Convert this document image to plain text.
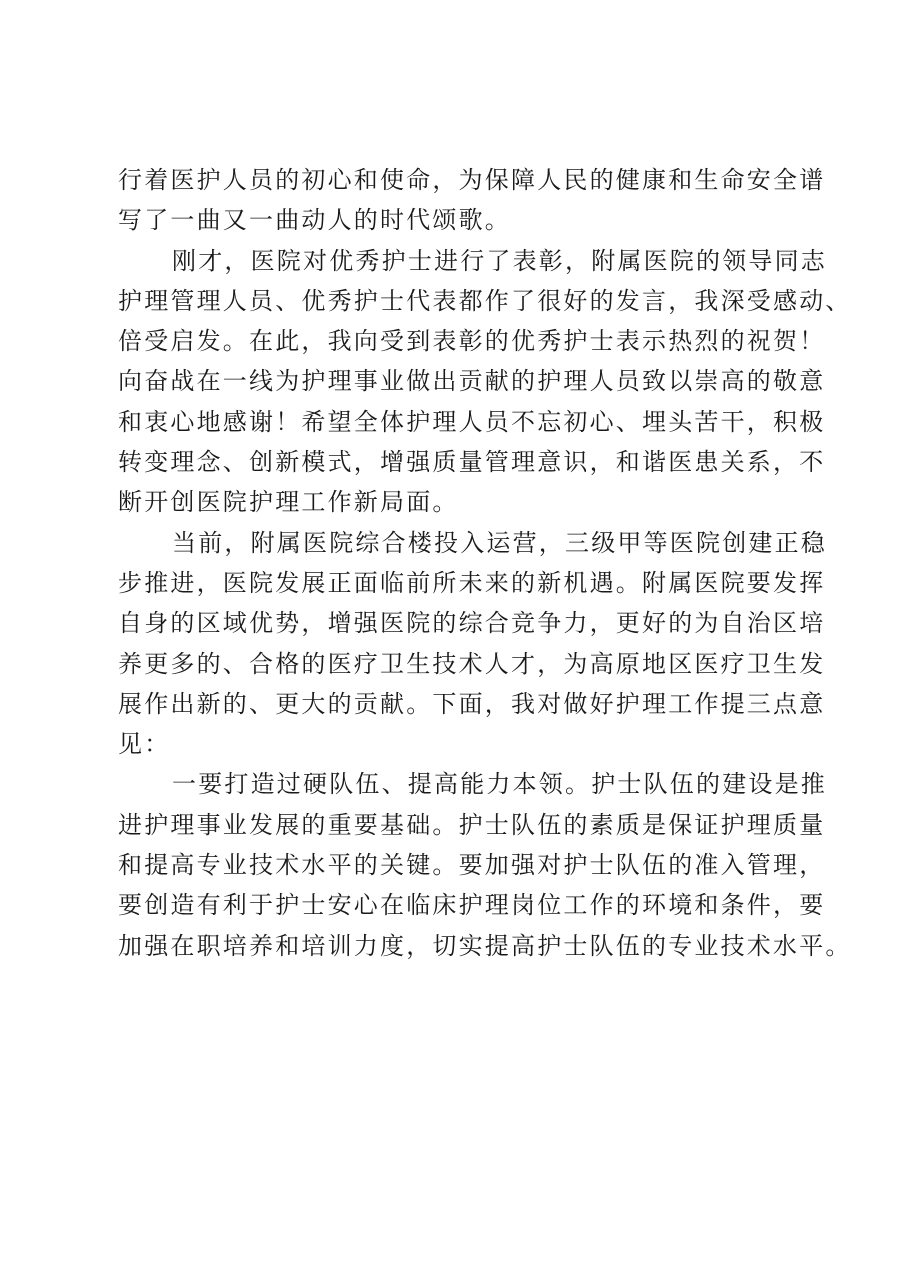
行着医护人员的初心和使命，为保障人民的健康和生命安全谱
写了一曲又一曲动人的时代颂歌。
刚才，医院对优秀护士进行了表彰，附属医院的领导同志
护理管理人员、优秀护士代表都作了很好的发言，我深受感动、
倍受启发。在此，我向受到表彰的优秀护士表示热烈的祝贺！
向奋战在一线为护理事业做出贡献的护理人员致以崇高的敬意
和衷心地感谢！希望全体护理人员不忘初心、埋头苦干，积极
转变理念、创新模式，增强质量管理意识，和谐医患关系，不
断开创医院护理工作新局面。
当前，附属医院综合楼投入运营，三级甲等医院创建正稳
步推进，医院发展正面临前所未来的新机遇。附属医院要发挥
自身的区域优势，增强医院的综合竞争力，更好的为自治区培
养更多的、合格的医疗卫生技术人才，为高原地区医疗卫生发
展作出新的、更大的贡献。下面，我对做好护理工作提三点意
见：
一要打造过硬队伍、提高能力本领。护士队伍的建设是推
进护理事业发展的重要基础。护士队伍的素质是保证护理质量
和提高专业技术水平的关键。要加强对护士队伍的准入管理，
要创造有利于护士安心在临床护理岗位工作的环境和条件，要
加强在职培养和培训力度，切实提高护士队伍的专业技术水平。
